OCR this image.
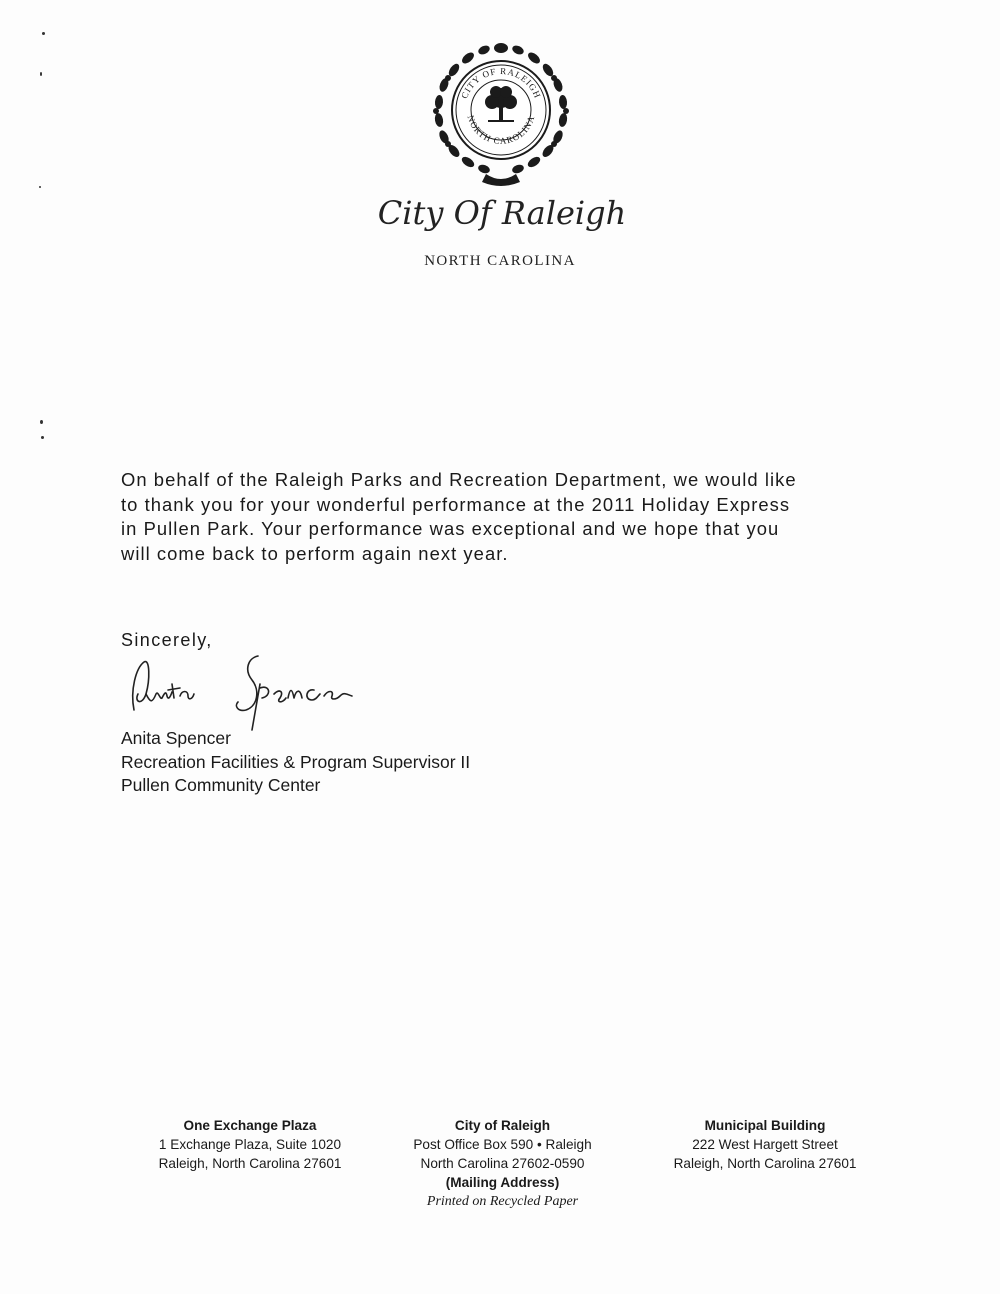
CITY OF RALEIGH
NORTH CAROLINA
City Of Raleigh
NORTH CAROLINA
On behalf of the Raleigh Parks and Recreation Department, we would like
to thank you for your wonderful performance at the 2011 Holiday Express
in Pullen Park. Your performance was exceptional and we hope that you
will come back to perform again next year.
Sincerely,
Anita Spencer
Recreation Facilities & Program Supervisor II
Pullen Community Center
One Exchange Plaza
1 Exchange Plaza, Suite 1020
Raleigh, North Carolina 27601
City of Raleigh
Post Office Box 590 • Raleigh
North Carolina 27602-0590
(Mailing Address)
Printed on Recycled Paper
Municipal Building
222 West Hargett Street
Raleigh, North Carolina 27601
